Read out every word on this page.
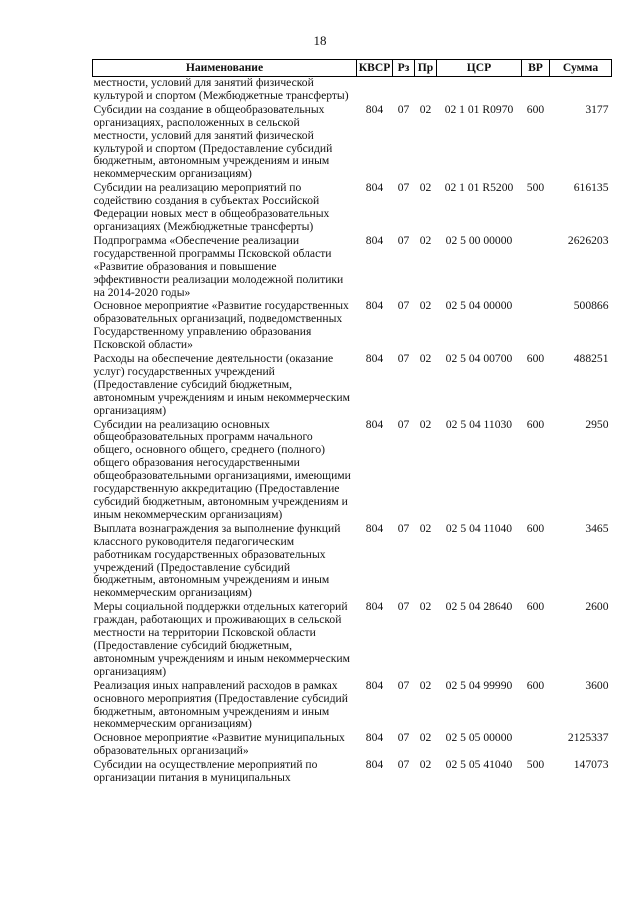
18
Наименование	КВСР	Рз	Пр	ЦСР	ВР	Сумма
местности, условий для занятий физической культурой и спортом (Межбюджетные трансферты)						
Субсидии на создание в общеобразовательных организациях, расположенных в сельской местности, условий для занятий физической культурой и спортом (Предоставление субсидий бюджетным, автономным учреждениям и иным некоммерческим организациям)	804	07	02	02 1 01 R0970	600	3177
Субсидии на реализацию мероприятий по содействию создания в субъектах Российской Федерации новых мест в общеобразовательных организациях (Межбюджетные трансферты)	804	07	02	02 1 01 R5200	500	616135
Подпрограмма «Обеспечение реализации государственной программы Псковской области «Развитие образования и повышение эффективности реализации молодежной политики на 2014-2020 годы»	804	07	02	02 5 00 00000		2626203
Основное мероприятие «Развитие государственных образовательных организаций, подведомственных Государственному управлению образования Псковской области»	804	07	02	02 5 04 00000		500866
Расходы на обеспечение деятельности (оказание услуг) государственных учреждений (Предоставление субсидий бюджетным, автономным учреждениям и иным некоммерческим организациям)	804	07	02	02 5 04 00700	600	488251
Субсидии на реализацию основных общеобразовательных программ начального общего, основного общего, среднего (полного) общего образования негосударственными общеобразовательными организациями, имеющими государственную аккредитацию (Предоставление субсидий бюджетным, автономным учреждениям и иным некоммерческим организациям)	804	07	02	02 5 04 11030	600	2950
Выплата вознаграждения за выполнение функций классного руководителя педагогическим работникам государственных образовательных учреждений (Предоставление субсидий бюджетным, автономным учреждениям и иным некоммерческим организациям)	804	07	02	02 5 04 11040	600	3465
Меры социальной поддержки отдельных категорий граждан, работающих и проживающих в сельской местности на территории Псковской области (Предоставление субсидий бюджетным, автономным учреждениям и иным некоммерческим организациям)	804	07	02	02 5 04 28640	600	2600
Реализация иных направлений расходов в рамках основного мероприятия (Предоставление субсидий бюджетным, автономным учреждениям и иным некоммерческим организациям)	804	07	02	02 5 04 99990	600	3600
Основное мероприятие «Развитие муниципальных образовательных организаций»	804	07	02	02 5 05 00000		2125337
Субсидии на осуществление мероприятий по организации питания в муниципальных	804	07	02	02 5 05 41040	500	147073
